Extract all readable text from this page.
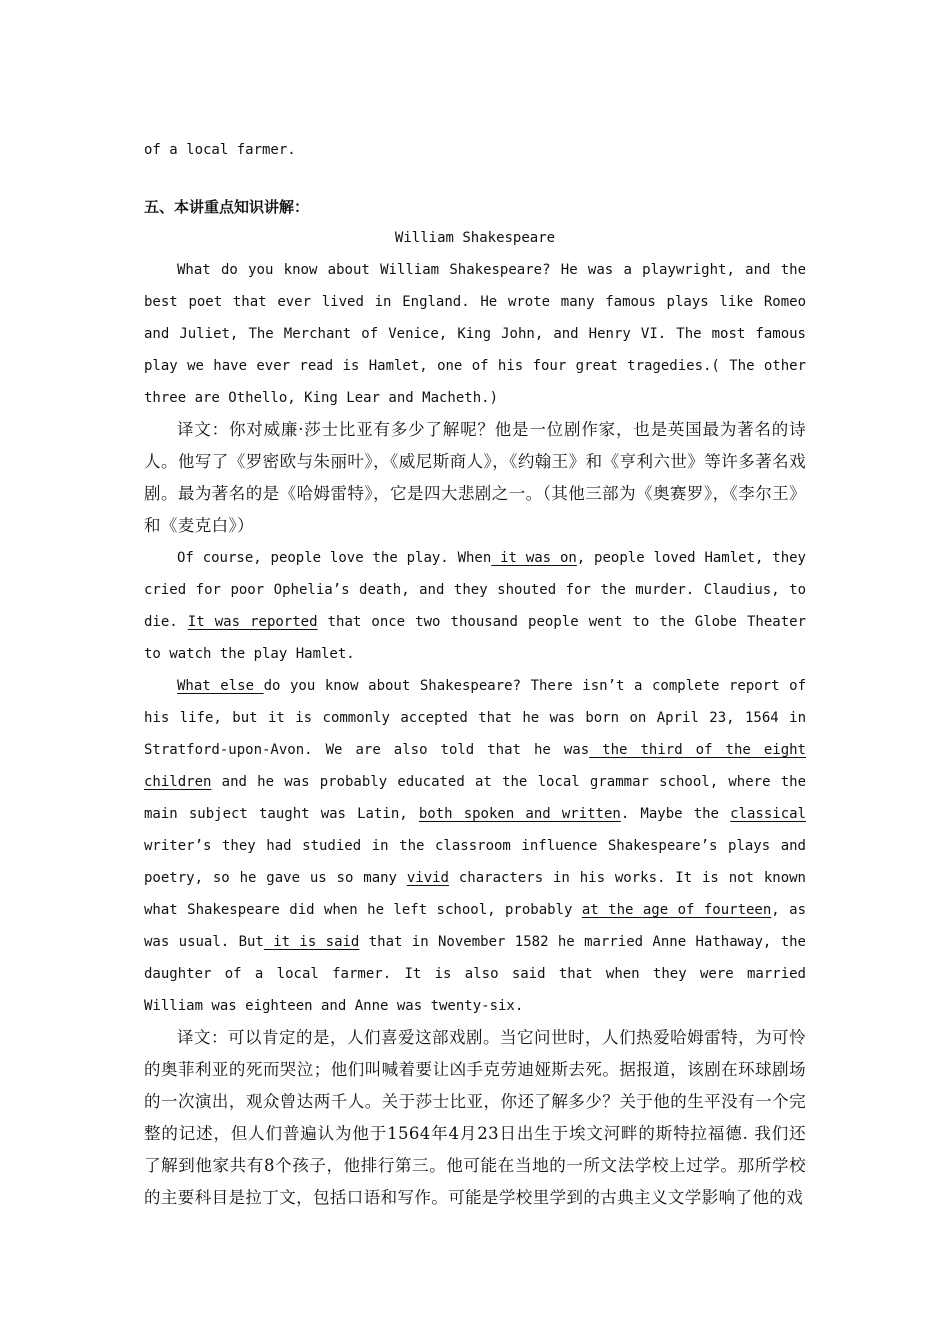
of a local farmer.

五、本讲重点知识讲解：

William Shakespeare

What do you know about William Shakespeare? He was a playwright, and the best poet that ever lived in England. He wrote many famous plays like Romeo and Juliet, The Merchant of Venice, King John, and Henry VI. The most famous play we have ever read is Hamlet, one of his four great tragedies.( The other three are Othello, King Lear and Macheth.)

译文：你对威廉·莎士比亚有多少了解呢？他是一位剧作家，也是英国最为著名的诗人。他写了《罗密欧与朱丽叶》，《威尼斯商人》，《约翰王》和《亨利六世》等许多著名戏剧。最为著名的是《哈姆雷特》，它是四大悲剧之一。（其他三部为《奥赛罗》，《李尔王》和《麦克白》）

Of course, people love the play. When it was on, people loved Hamlet, they cried for poor Ophelia’s death, and they shouted for the murder. Claudius, to die. It was reported that once two thousand people went to the Globe Theater to watch the play Hamlet.

What else do you know about Shakespeare? There isn’t a complete report of his life, but it is commonly accepted that he was born on April 23, 1564 in Stratford-upon-Avon. We are also told that he was the third of the eight children and he was probably educated at the local grammar school, where the main subject taught was Latin, both spoken and written. Maybe the classical writer’s they had studied in the classroom influence Shakespeare’s plays and poetry, so he gave us so many vivid characters in his works. It is not known what Shakespeare did when he left school, probably at the age of fourteen, as was usual. But it is said that in November 1582 he married Anne Hathaway, the daughter of a local farmer. It is also said that when they were married William was eighteen and Anne was twenty-six.

译文：可以肯定的是，人们喜爱这部戏剧。当它问世时，人们热爱哈姆雷特，为可怜的奥菲利亚的死而哭泣；他们叫喊着要让凶手克劳迪娅斯去死。据报道，该剧在环球剧场的一次演出，观众曾达两千人。关于莎士比亚，你还了解多少？关于他的生平没有一个完整的记述，但人们普遍认为他于1564年4月23日出生于埃文河畔的斯特拉福德. 我们还了解到他家共有8个孩子，他排行第三。他可能在当地的一所文法学校上过学。那所学校的主要科目是拉丁文，包括口语和写作。可能是学校里学到的古典主义文学影响了他的戏
